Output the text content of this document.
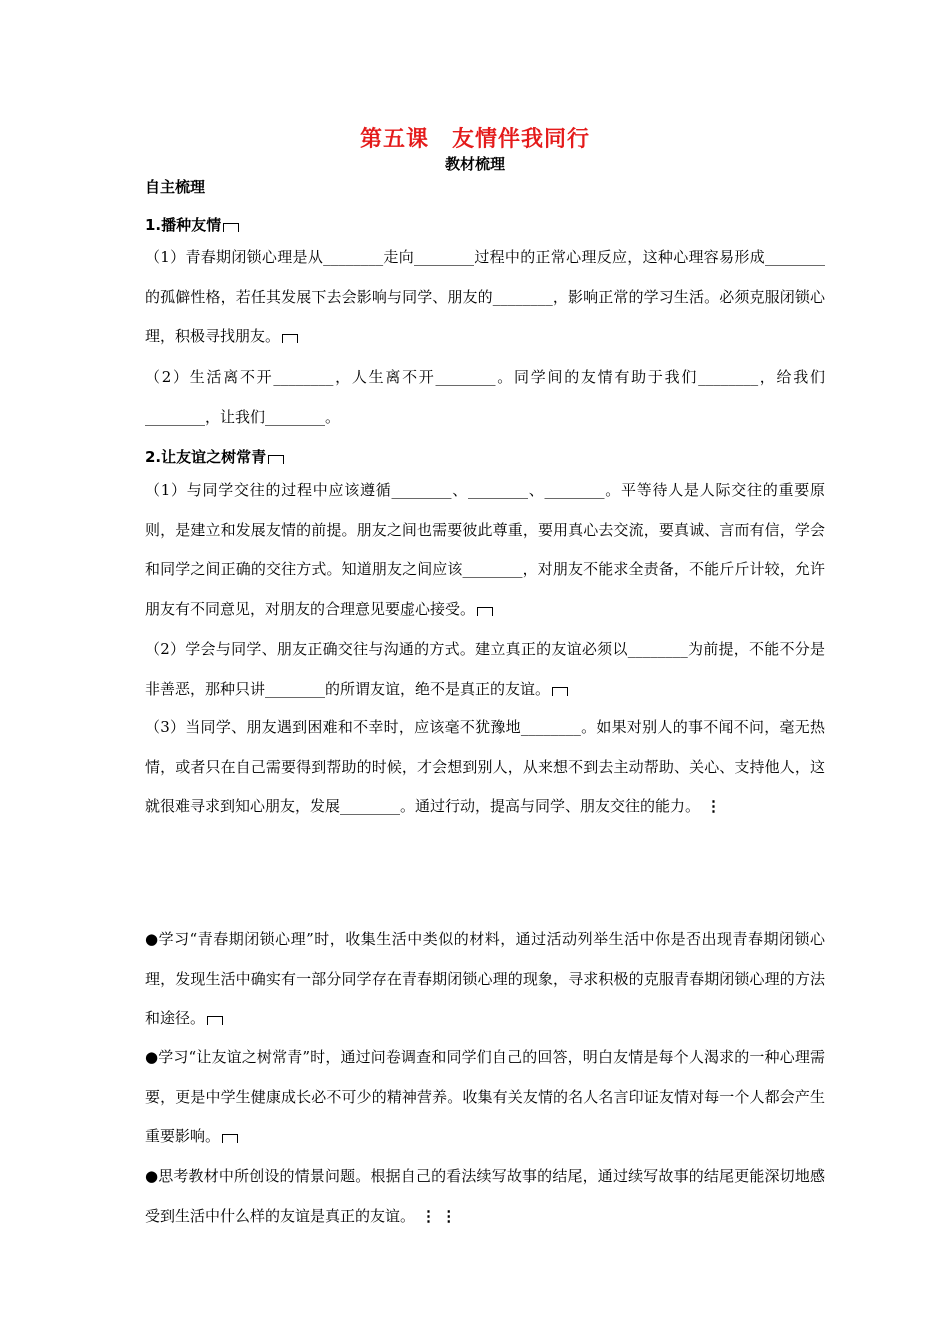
第五课　友情伴我同行
教材梳理
自主梳理
1.播种友情
（1）青春期闭锁心理是从________走向________过程中的正常心理反应，这种心理容易形成________的孤僻性格，若任其发展下去会影响与同学、朋友的________，影响正常的学习生活。必须克服闭锁心理，积极寻找朋友。
（2）生活离不开________，人生离不开________。同学间的友情有助于我们________，给我们________，让我们________。
2.让友谊之树常青
（1）与同学交往的过程中应该遵循________、________、________。平等待人是人际交往的重要原则，是建立和发展友情的前提。朋友之间也需要彼此尊重，要用真心去交流，要真诚、言而有信，学会和同学之间正确的交往方式。知道朋友之间应该________，对朋友不能求全责备，不能斤斤计较，允许朋友有不同意见，对朋友的合理意见要虚心接受。
（2）学会与同学、朋友正确交往与沟通的方式。建立真正的友谊必须以________为前提，不能不分是非善恶，那种只讲________的所谓友谊，绝不是真正的友谊。
（3）当同学、朋友遇到困难和不幸时，应该毫不犹豫地________。如果对别人的事不闻不问，毫无热情，或者只在自己需要得到帮助的时候，才会想到别人，从来想不到去主动帮助、关心、支持他人，这就很难寻求到知心朋友，发展________。通过行动，提高与同学、朋友交往的能力。 ⋮
●学习“青春期闭锁心理”时，收集生活中类似的材料，通过活动列举生活中你是否出现青春期闭锁心理，发现生活中确实有一部分同学存在青春期闭锁心理的现象，寻求积极的克服青春期闭锁心理的方法和途径。
●学习“让友谊之树常青”时，通过问卷调查和同学们自己的回答，明白友情是每个人渴求的一种心理需要，更是中学生健康成长必不可少的精神营养。收集有关友情的名人名言印证友情对每一个人都会产生重要影响。
●思考教材中所创设的情景问题。根据自己的看法续写故事的结尾，通过续写故事的结尾更能深切地感受到生活中什么样的友谊是真正的友谊。 ⋮ ⋮
